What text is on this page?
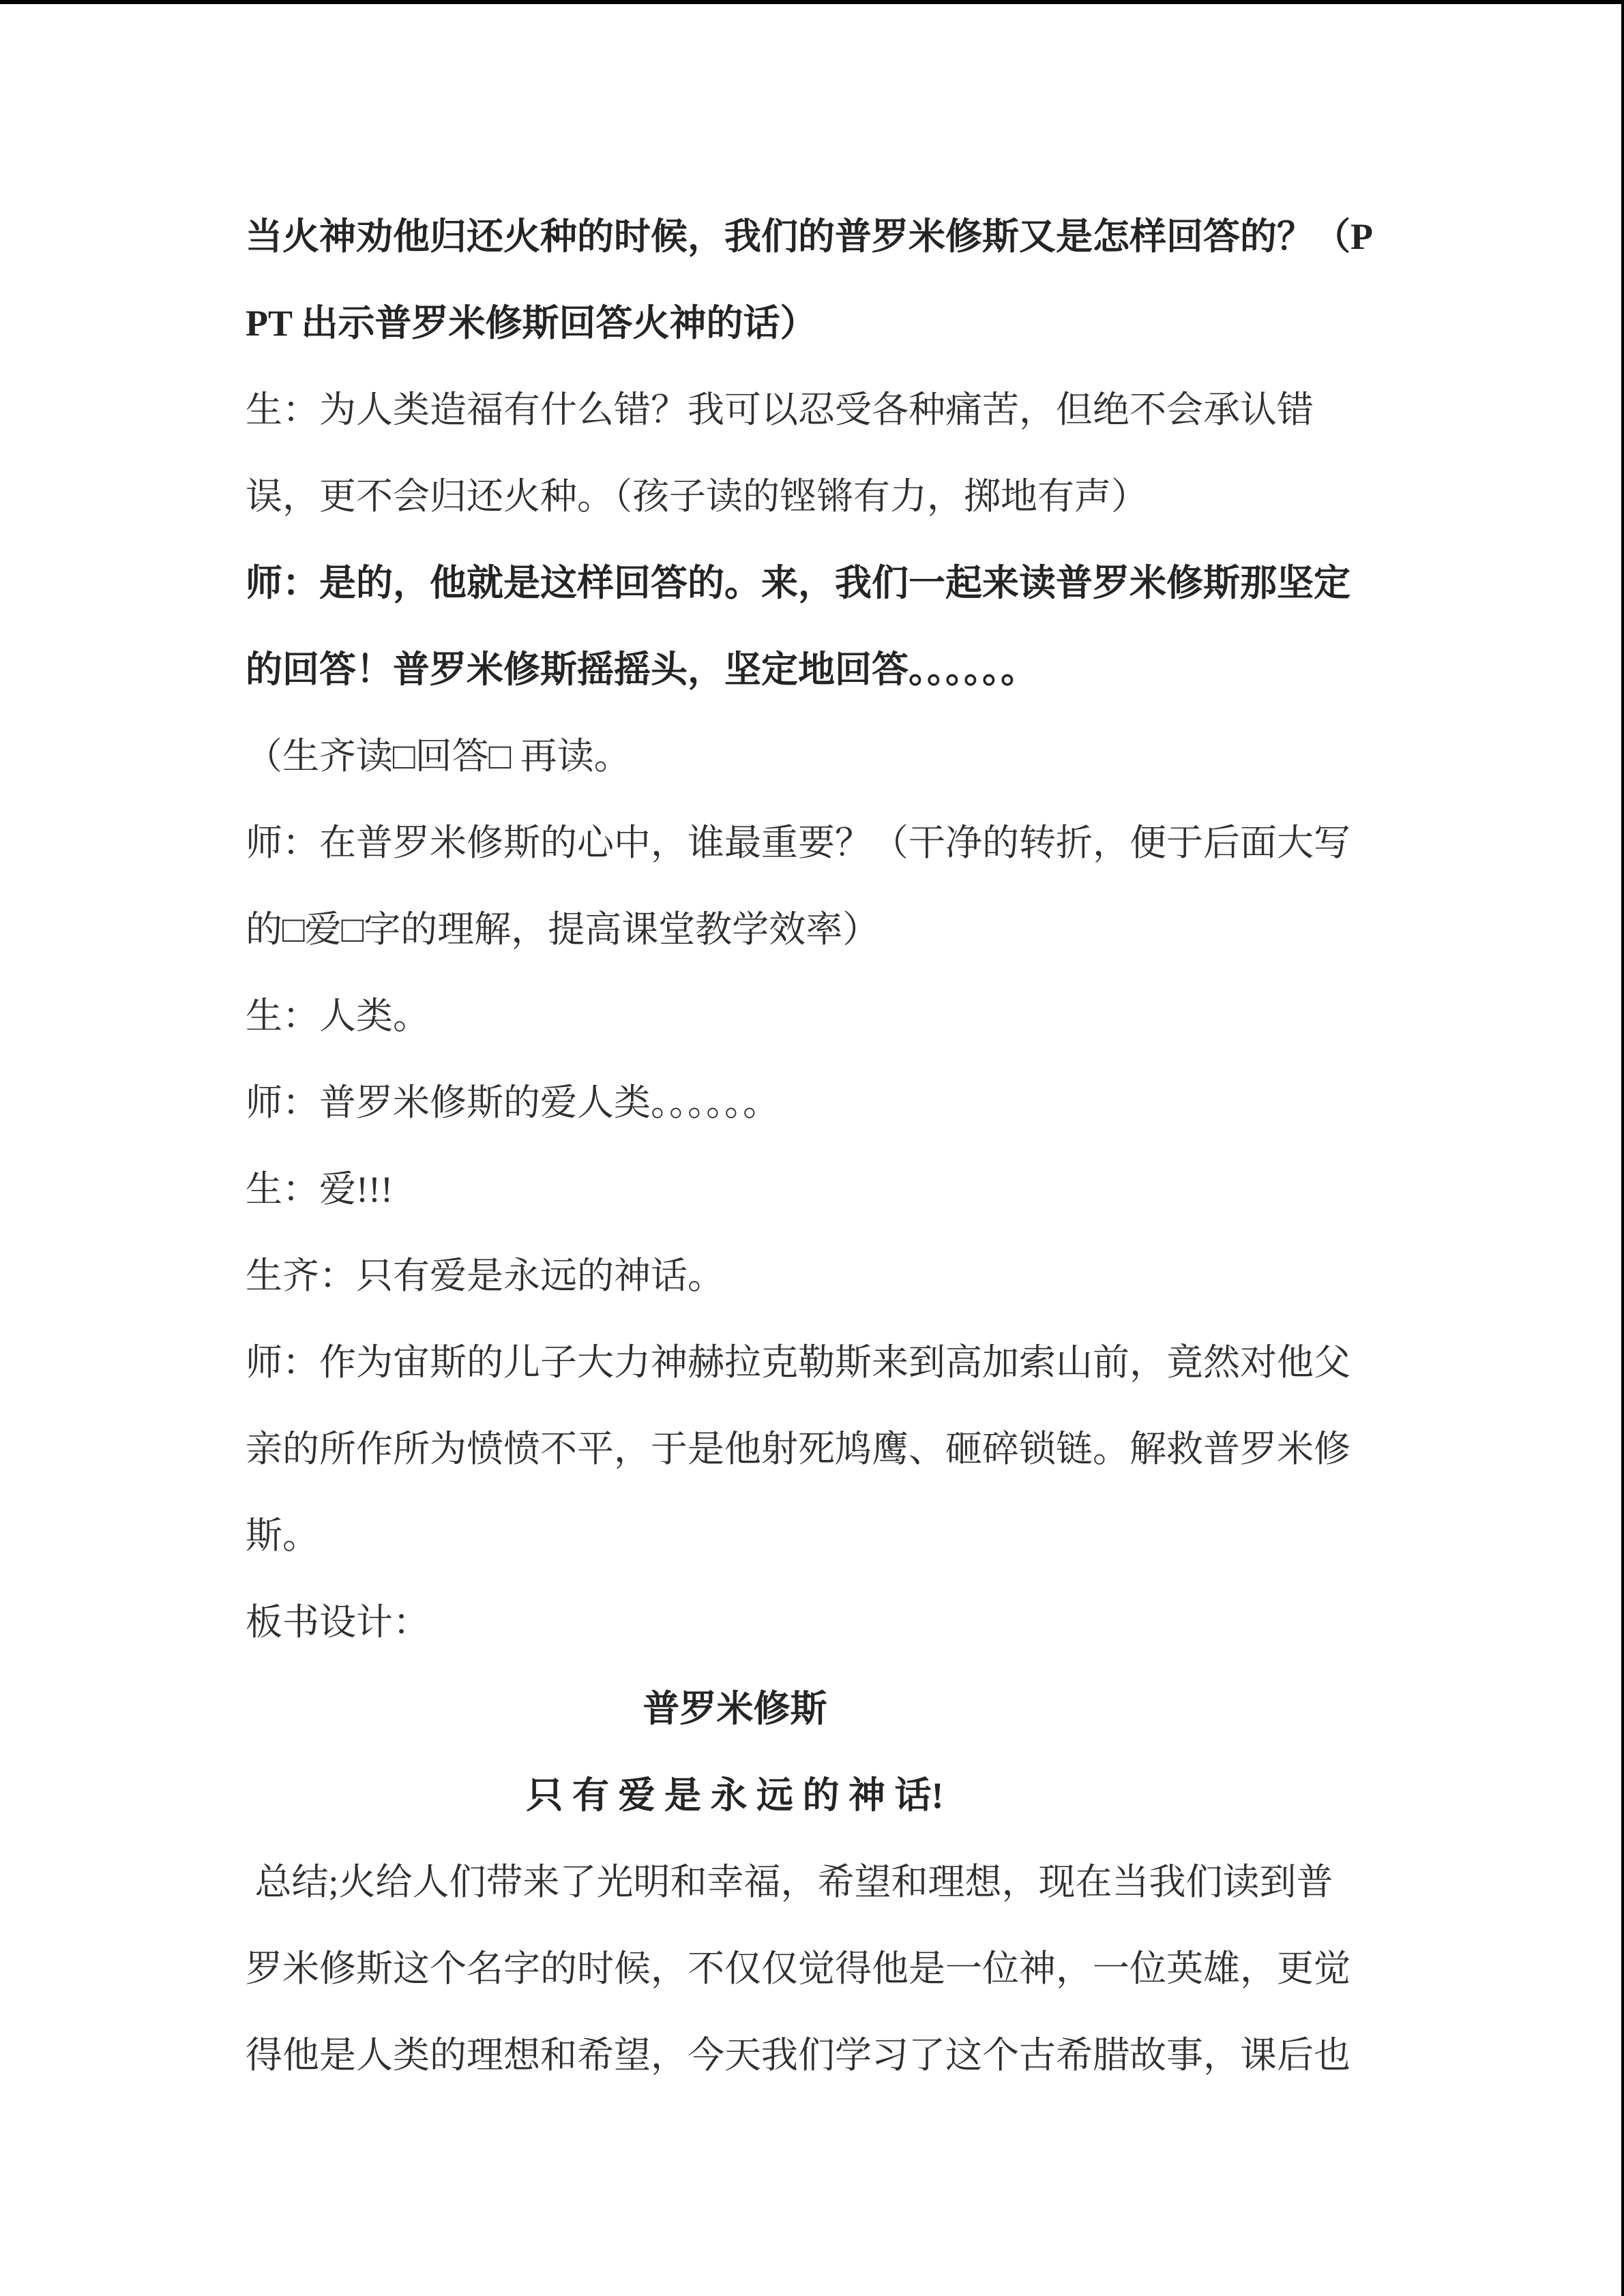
当火神劝他归还火种的时候，我们的普罗米修斯又是怎样回答的？（P
PT 出示普罗米修斯回答火神的话）
生：为人类造福有什么错？我可以忍受各种痛苦，但绝不会承认错
误，更不会归还火种。（孩子读的铿锵有力，掷地有声）
师：是的，他就是这样回答的。来，我们一起来读普罗米修斯那坚定
的回答！普罗米修斯摇摇头，坚定地回答。。。。。。
（生齐读□回答□ 再读。
师：在普罗米修斯的心中，谁最重要？（干净的转折，便于后面大写
的□爱□字的理解，提高课堂教学效率）
生：人类。
师：普罗米修斯的爱人类。。。。。。
生：爱!!!
生齐：只有爱是永远的神话。
师：作为宙斯的儿子大力神赫拉克勒斯来到高加索山前，竟然对他父
亲的所作所为愤愤不平，于是他射死鸠鹰、砸碎锁链。解救普罗米修
斯。
板书设计：
普罗米修斯
只 有 爱 是 永 远 的 神 话!
总结;火给人们带来了光明和幸福，希望和理想，现在当我们读到普
罗米修斯这个名字的时候，不仅仅觉得他是一位神，一位英雄，更觉
得他是人类的理想和希望，今天我们学习了这个古希腊故事，课后也
